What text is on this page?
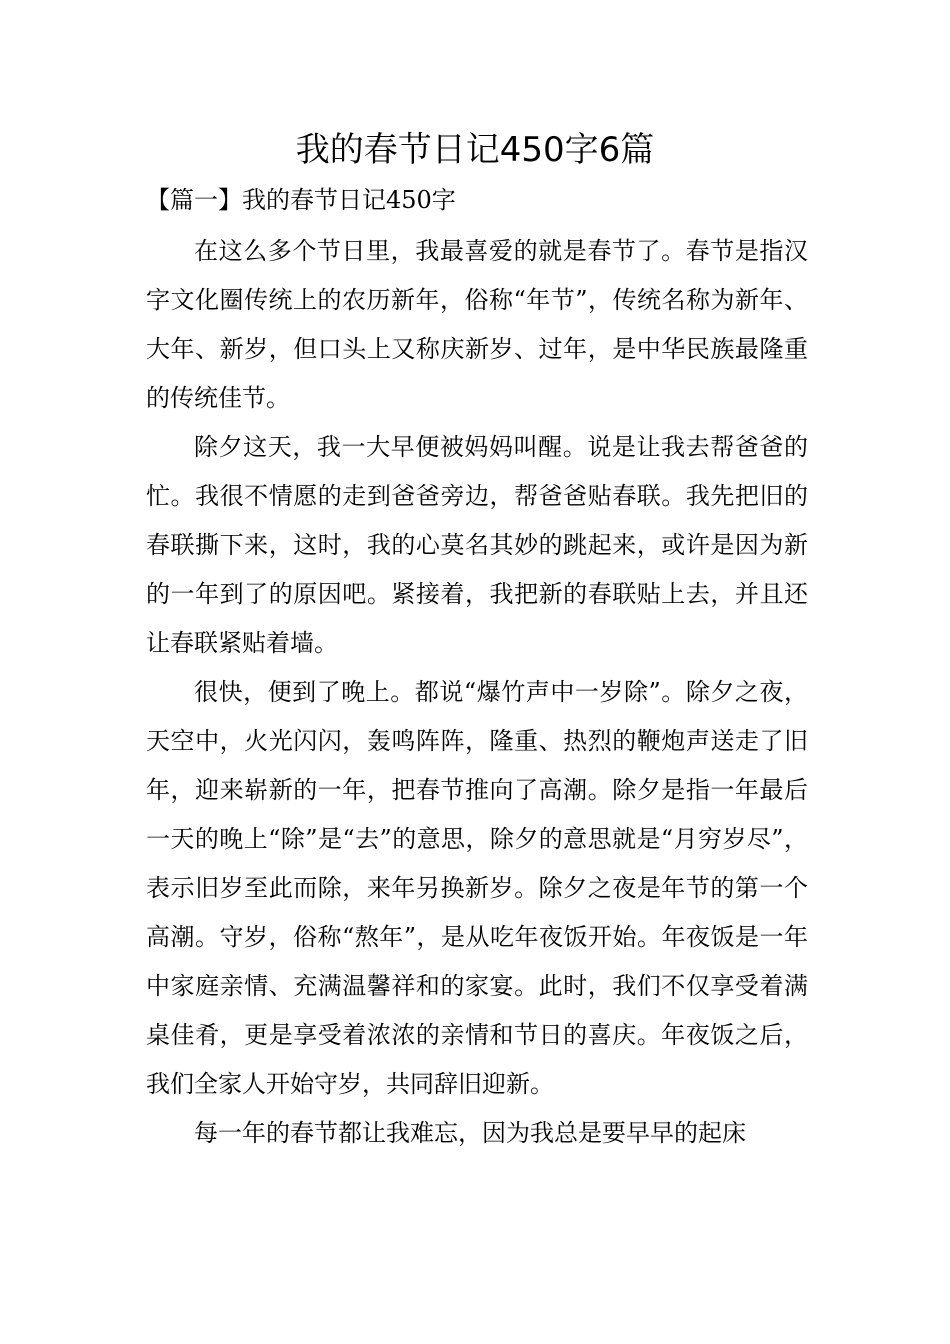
我的春节日记450字6篇
【篇一】我的春节日记450字

在这么多个节日里，我最喜爱的就是春节了。春节是指汉字文化圈传统上的农历新年，俗称“年节”，传统名称为新年、大年、新岁，但口头上又称庆新岁、过年，是中华民族最隆重的传统佳节。

除夕这天，我一大早便被妈妈叫醒。说是让我去帮爸爸的忙。我很不情愿的走到爸爸旁边，帮爸爸贴春联。我先把旧的春联撕下来，这时，我的心莫名其妙的跳起来，或许是因为新的一年到了的原因吧。紧接着，我把新的春联贴上去，并且还让春联紧贴着墙。

很快，便到了晚上。都说“爆竹声中一岁除”。除夕之夜，天空中，火光闪闪，轰鸣阵阵，隆重、热烈的鞭炮声送走了旧年，迎来崭新的一年，把春节推向了高潮。除夕是指一年最后一天的晚上“除”是“去”的意思，除夕的意思就是“月穷岁尽”，表示旧岁至此而除，来年另换新岁。除夕之夜是年节的第一个高潮。守岁，俗称“熬年”，是从吃年夜饭开始。年夜饭是一年中家庭亲情、充满温馨祥和的家宴。此时，我们不仅享受着满桌佳肴，更是享受着浓浓的亲情和节日的喜庆。年夜饭之后，我们全家人开始守岁，共同辞旧迎新。

每一年的春节都让我难忘，因为我总是要早早的起床
